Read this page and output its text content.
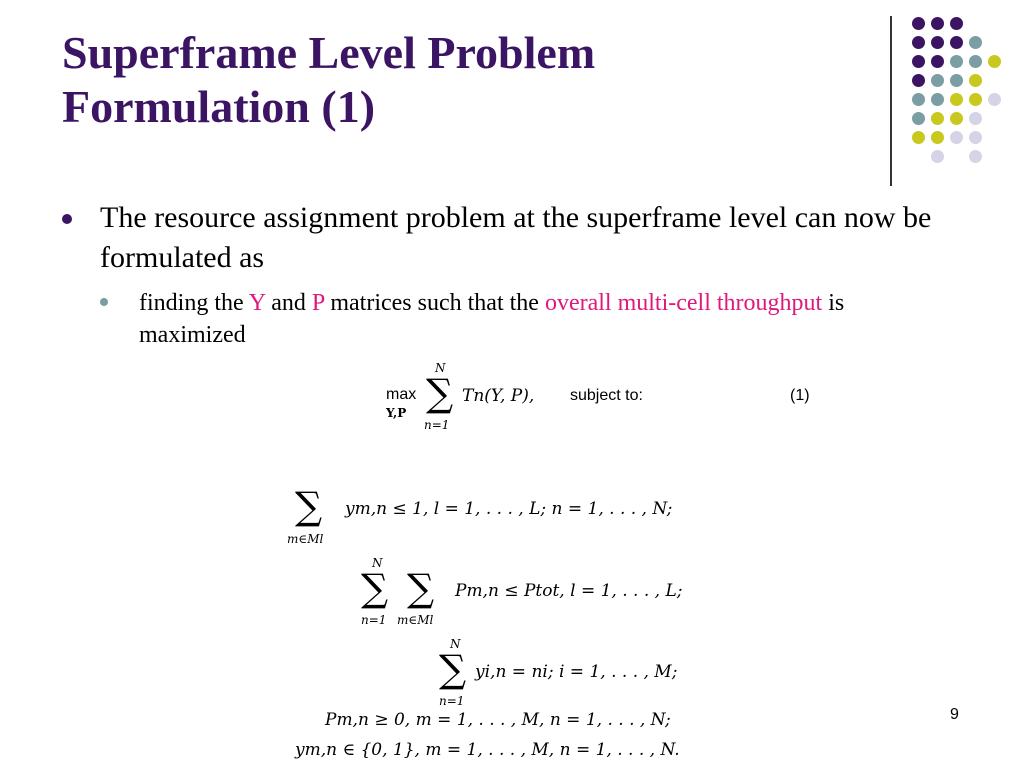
Superframe Level Problem
Formulation (1)
The resource assignment problem at the superframe level can now be formulated as
finding the Y and P matrices such that the overall multi-cell throughput is maximized
max
Y,P
N
∑
n=1
Tn(Y, P), subject to:	(1)
∑
m∈Ml
ym,n ≤ 1, l = 1, . . . , L; n = 1, . . . , N;
N
∑
n=1
∑
m∈Ml
Pm,n ≤ Ptot, l = 1, . . . , L;
N
∑
n=1
yi,n = ni; i = 1, . . . , M;
Pm,n ≥ 0, m = 1, . . . , M, n = 1, . . . , N;
ym,n ∈ {0, 1}, m = 1, . . . , M, n = 1, . . . , N.
9
